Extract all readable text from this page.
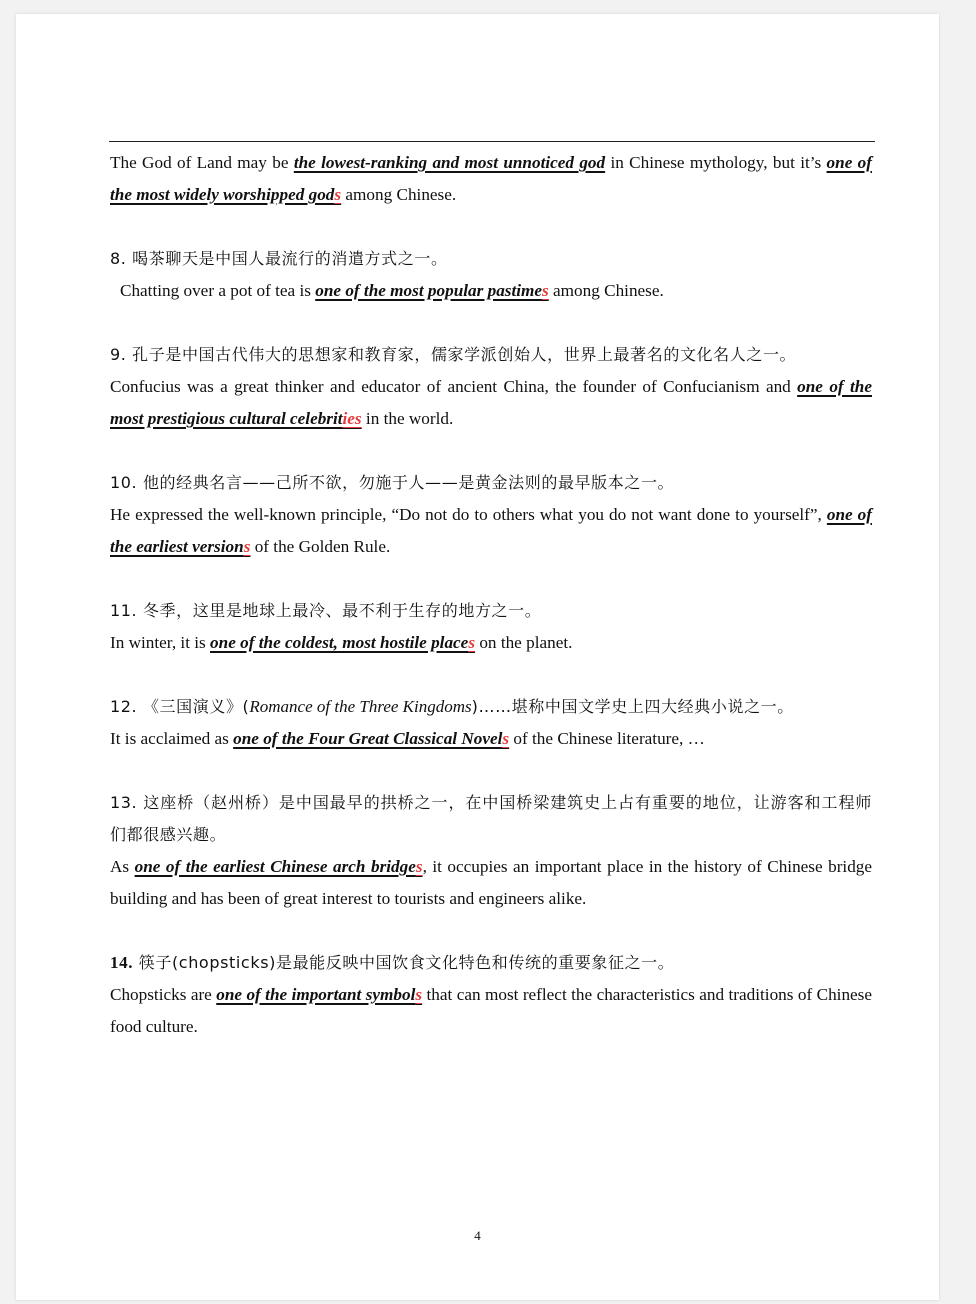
The God of Land may be the lowest-ranking and most unnoticed god in Chinese mythology, but it’s one of the most widely worshipped gods among Chinese.

8. 喝茶聊天是中国人最流行的消遣方式之一。

Chatting over a pot of tea is one of the most popular pastimes among Chinese.

9. 孔子是中国古代伟大的思想家和教育家，儒家学派创始人，世界上最著名的文化名人之一。

Confucius was a great thinker and educator of ancient China, the founder of Confucianism and one of the most prestigious cultural celebrities in the world.

10. 他的经典名言——己所不欲，勿施于人——是黄金法则的最早版本之一。

He expressed the well-known principle, “Do not do to others what you do not want done to yourself”, one of the earliest versions of the Golden Rule.

11. 冬季，这里是地球上最冷、最不利于生存的地方之一。

In winter, it is one of the coldest, most hostile places on the planet.

12. 《三国演义》(Romance of the Three Kingdoms)……堪称中国文学史上四大经典小说之一。

It is acclaimed as one of the Four Great Classical Novels of the Chinese literature, …

13. 这座桥（赵州桥）是中国最早的拱桥之一，在中国桥梁建筑史上占有重要的地位，让游客和工程师们都很感兴趣。

As one of the earliest Chinese arch bridges, it occupies an important place in the history of Chinese bridge building and has been of great interest to tourists and engineers alike.

14. 筷子(chopsticks)是最能反映中国饮食文化特色和传统的重要象征之一。

Chopsticks are one of the important symbols that can most reflect the characteristics and traditions of Chinese food culture.

4
